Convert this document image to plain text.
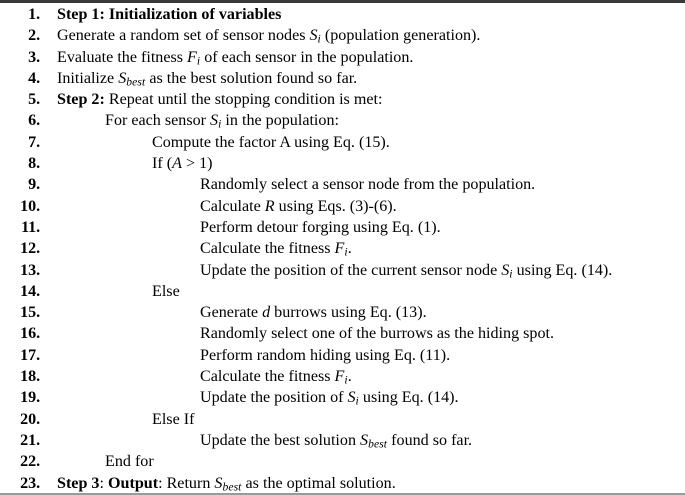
1. Step 1: Initialization of variables
2. Generate a random set of sensor nodes $S_i$ (population generation).
3. Evaluate the fitness $F_i$ of each sensor in the population.
4. Initialize $S_{best}$ as the best solution found so far.
5. Step 2: Repeat until the stopping condition is met:
6.	For each sensor $S_i$ in the population:
7.	Compute the factor A using Eq. (15).
8.	If (A > 1)
9.	Randomly select a sensor node from the population.
10.	Calculate R using Eqs. (3)-(6).
11.	Perform detour forging using Eq. (1).
12.	Calculate the fitness $F_i$.
13.	Update the position of the current sensor node $S_i$ using Eq. (14).
14.	Else
15.	Generate d burrows using Eq. (13).
16.	Randomly select one of the burrows as the hiding spot.
17.	Perform random hiding using Eq. (11).
18.	Calculate the fitness $F_i$.
19.	Update the position of $S_i$ using Eq. (14).
20.	Else If
21.	Update the best solution $S_{best}$ found so far.
22.	End for
23. Step 3: Output: Return $S_{best}$ as the optimal solution.
